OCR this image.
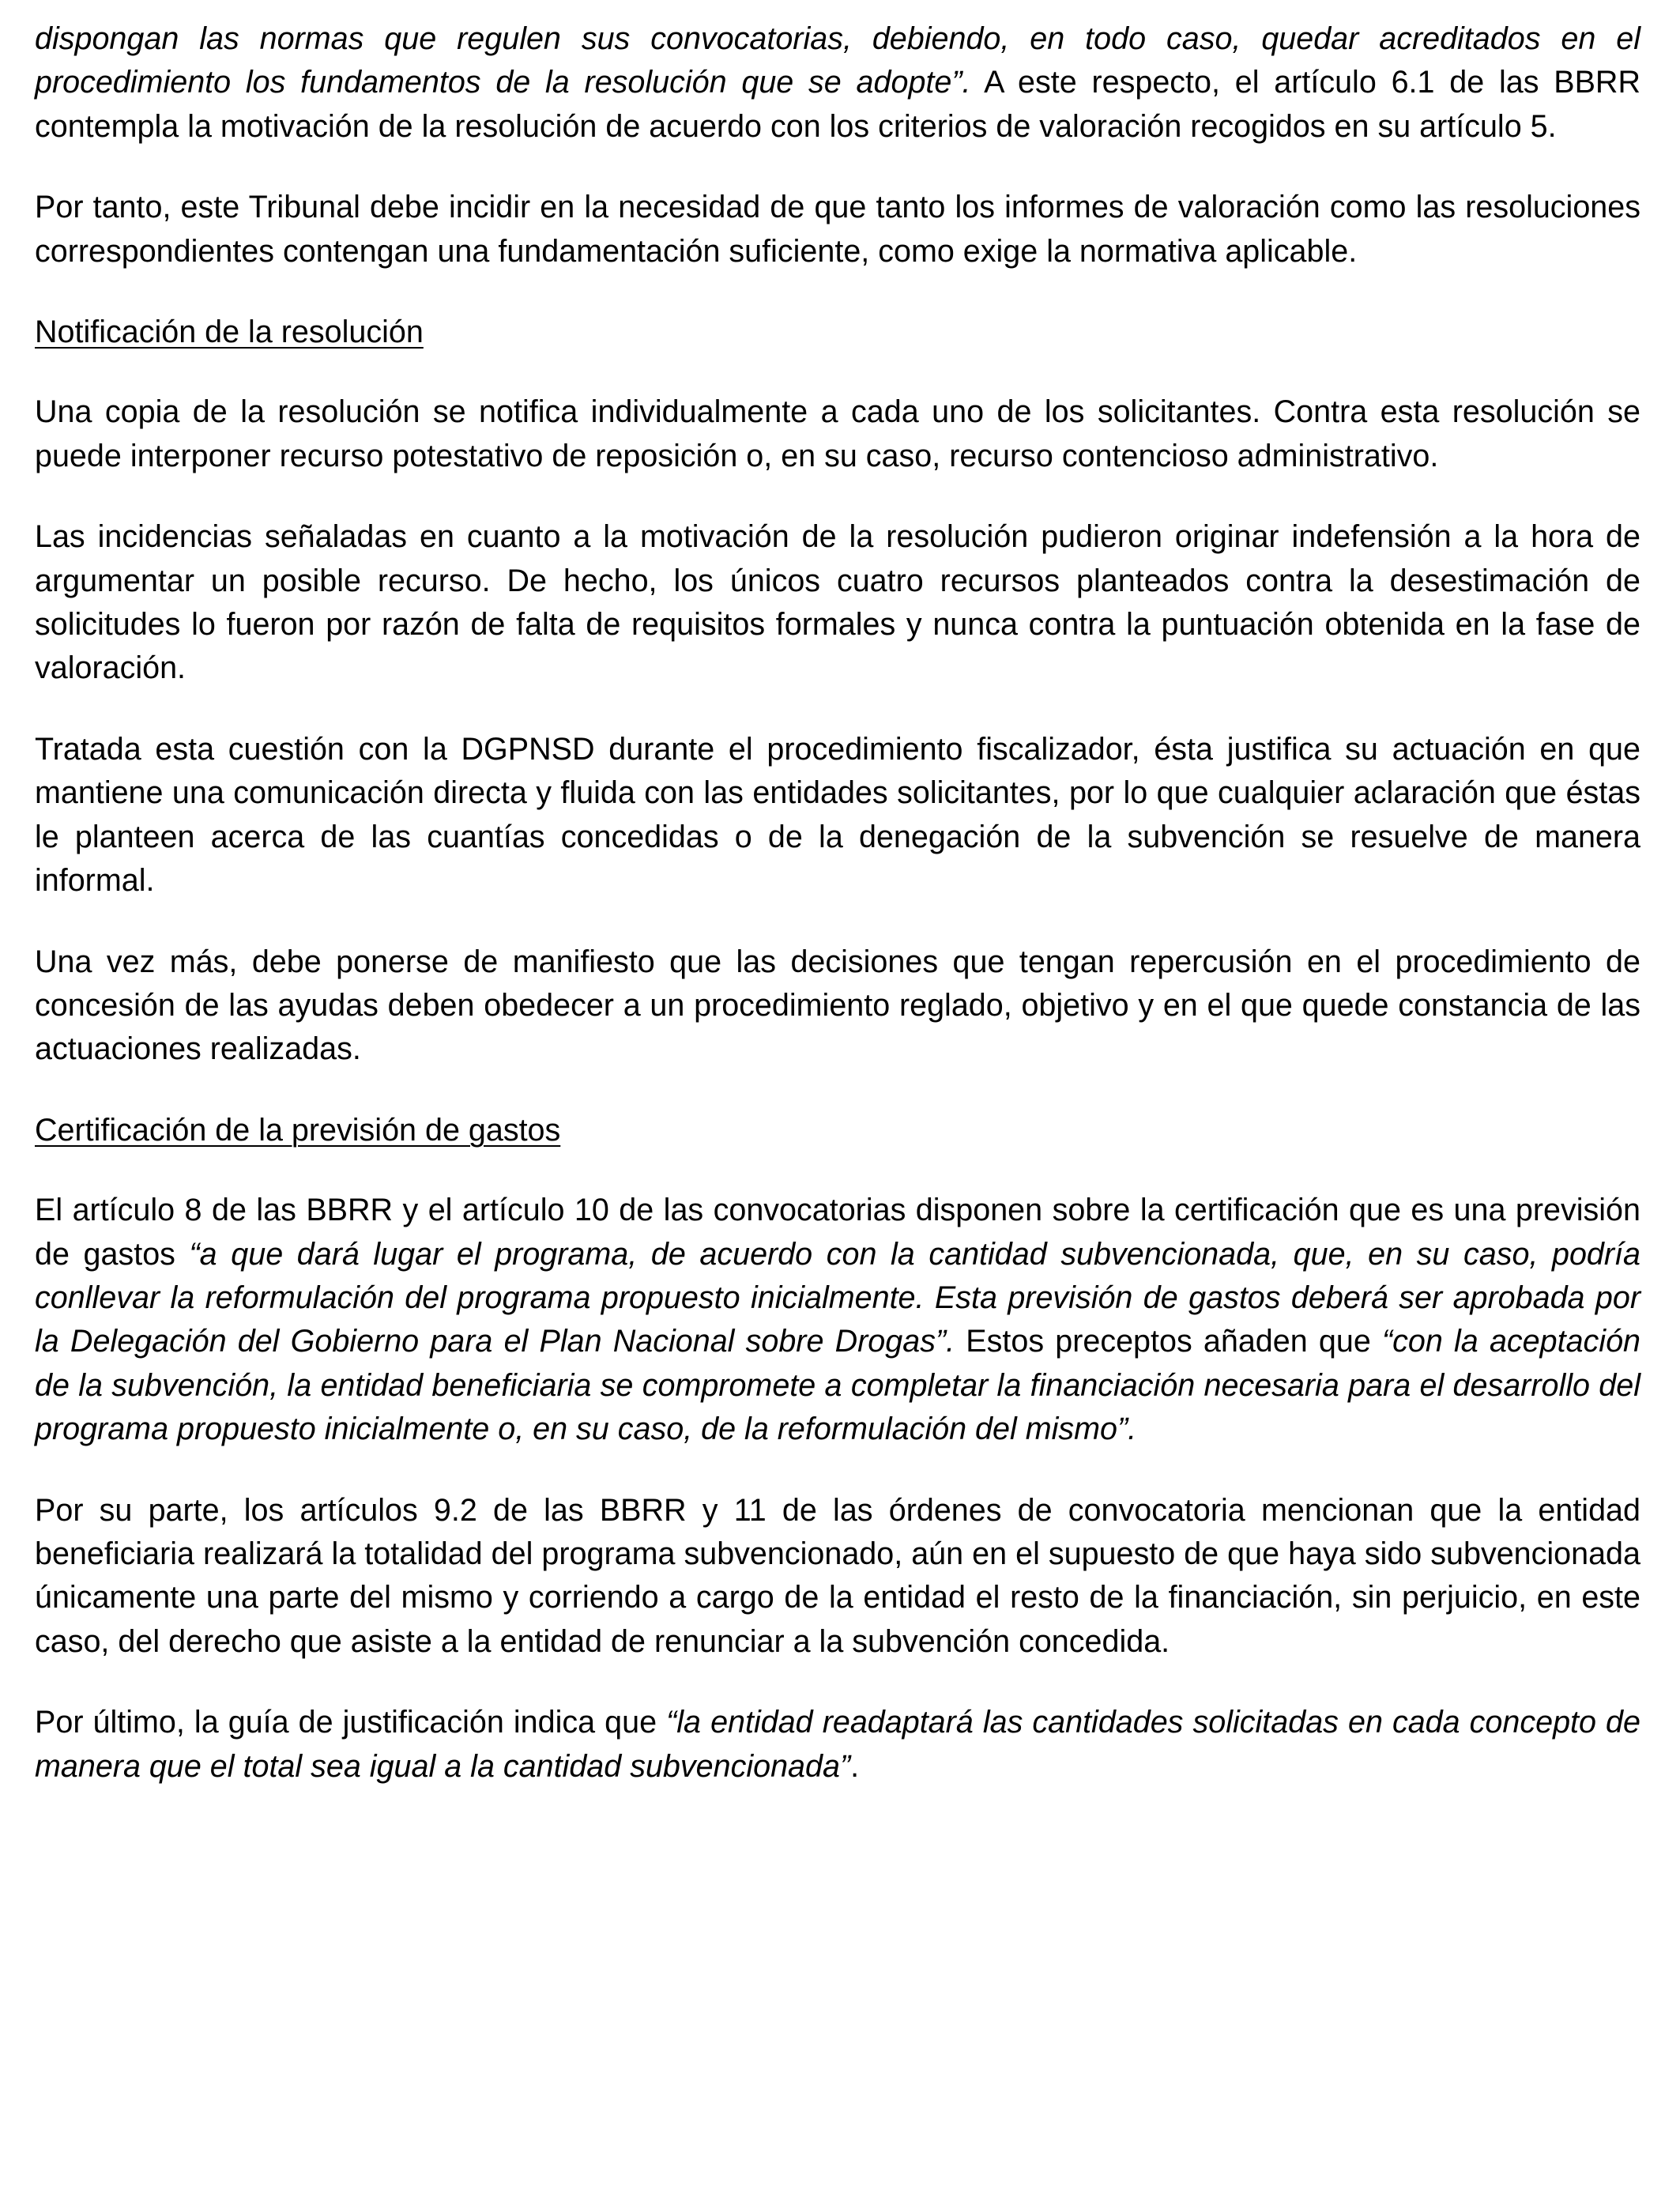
dispongan las normas que regulen sus convocatorias, debiendo, en todo caso, quedar acreditados en el procedimiento los fundamentos de la resolución que se adopte”. A este respecto, el artículo 6.1 de las BBRR contempla la motivación de la resolución de acuerdo con los criterios de valoración recogidos en su artículo 5.

Por tanto, este Tribunal debe incidir en la necesidad de que tanto los informes de valoración como las resoluciones correspondientes contengan una fundamentación suficiente, como exige la normativa aplicable.

Notificación de la resolución

Una copia de la resolución se notifica individualmente a cada uno de los solicitantes. Contra esta resolución se puede interponer recurso potestativo de reposición o, en su caso, recurso contencioso administrativo.

Las incidencias señaladas en cuanto a la motivación de la resolución pudieron originar indefensión a la hora de argumentar un posible recurso. De hecho, los únicos cuatro recursos planteados contra la desestimación de solicitudes lo fueron por razón de falta de requisitos formales y nunca contra la puntuación obtenida en la fase de valoración.

Tratada esta cuestión con la DGPNSD durante el procedimiento fiscalizador, ésta justifica su actuación en que mantiene una comunicación directa y fluida con las entidades solicitantes, por lo que cualquier aclaración que éstas le planteen acerca de las cuantías concedidas o de la denegación de la subvención se resuelve de manera informal.

Una vez más, debe ponerse de manifiesto que las decisiones que tengan repercusión en el procedimiento de concesión de las ayudas deben obedecer a un procedimiento reglado, objetivo y en el que quede constancia de las actuaciones realizadas.

Certificación de la previsión de gastos

El artículo 8 de las BBRR y el artículo 10 de las convocatorias disponen sobre la certificación que es una previsión de gastos “a que dará lugar el programa, de acuerdo con la cantidad subvencionada, que, en su caso, podría conllevar la reformulación del programa propuesto inicialmente. Esta previsión de gastos deberá ser aprobada por la Delegación del Gobierno para el Plan Nacional sobre Drogas”. Estos preceptos añaden que “con la aceptación de la subvención, la entidad beneficiaria se compromete a completar la financiación necesaria para el desarrollo del programa propuesto inicialmente o, en su caso, de la reformulación del mismo”.

Por su parte, los artículos 9.2 de las BBRR y 11 de las órdenes de convocatoria mencionan que la entidad beneficiaria realizará la totalidad del programa subvencionado, aún en el supuesto de que haya sido subvencionada únicamente una parte del mismo y corriendo a cargo de la entidad el resto de la financiación, sin perjuicio, en este caso, del derecho que asiste a la entidad de renunciar a la subvención concedida.

Por último, la guía de justificación indica que “la entidad readaptará las cantidades solicitadas en cada concepto de manera que el total sea igual a la cantidad subvencionada”.
